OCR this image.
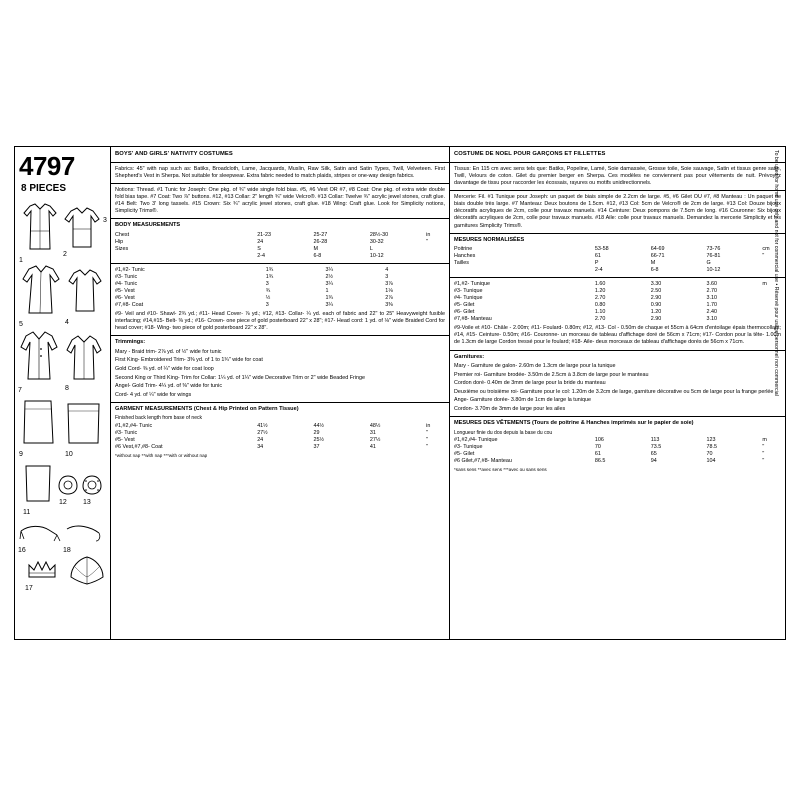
4797
8 PIECES
1
2
3
5	4
7	8
9	10
11
12 13
16	18
17
BOYS' AND GIRLS' NATIVITY COSTUMES

Fabrics: 45" with nap such as: Batiks, Broadcloth, Lame, Jacquards, Muslin, Raw Silk, Satin and Satin Types, Twill, Velveteen. First Shepherd's Vest in Sherpa. Not suitable for sleepwear. Extra fabric needed to match plaids, stripes or one-way design fabrics.

Notions: Thread. #1 Tunic for Joseph: One pkg. of ¾" wide single fold bias. #5, #6 Vest OR #7, #8 Coat: One pkg. of extra wide double fold bias tape. #7 Coat: Two ⅞" buttons. #12, #13 Collar: 2" length ¾" wide Velcro®. #13 Collar: Twelve ¾" acrylic jewel stones, craft glue. #14 Belt: Two 3' long tassels. #15 Crown: Six ¾" acrylic jewel stones, craft glue. #18 Wing: Craft glue. Look for Simplicity notions, Simplicity Trims®.

BODY MEASUREMENTS
Chest	21-23	25-27	28½-30	in
Hip	24	26-28	30-32	"
Sizes	S	M	L	
	2-4	6-8	10-12	
#1,#2- Tunic	1¾	3¼	4
#3- Tunic	1¾	2½	3
#4- Tunic	3	3¼	3⅞
#5- Vest	¾	1	1⅛
#6- Vest	½	1¾	2⅞
#7,#8- Coat	3	3¼	3⅜

#9- Veil and #10- Shawl- 2¾ yd.; #11- Head Cover- ⅞ yd.; #12, #13- Collar- ¼ yd. each of fabric and 22" to 25" Heavyweight fusible interfacing; #14,#15- Belt- ⅜ yd.; #16- Crown- one piece of gold posterboard 22" x 28"; #17- Head cord: 1 yd. of ⅛" wide Braided Cord for head cover; #18- Wing- two piece of gold posterboard 22" x 28".

Trimmings:

Mary - Braid trim- 2⅞ yd. of ½" wide for tunic

First King- Embroidered Trim- 3⅜ yd. of 1 to 1¾" wide for coat

Gold Cord- ⅜ yd. of ¼" wide for coat loop

Second King or Third King- Trim for Collar: 1¼ yd. of 1¼" wide Decorative Trim or 2" wide Beaded Fringe

Angel- Gold Trim- 4¼ yd. of ⅜" wide for tunic

Cord- 4 yd. of ¼" wide for wings

GARMENT MEASUREMENTS (Chest & Hip Printed on Pattern Tissue)
Finished back length from base of neck
#1,#2,#4- Tunic	41½	44½	48½	in
#3- Tunic	27½	29	31	"
#5- Vest	24	25½	27½	"
#6 Vest,#7,#8- Coat	34	37	41	"
*without nap **with nap ***with or without nap
COSTUME DE NOEL POUR GARÇONS ET FILLETTES

Tissus: En 115 cm avec sens tels que: Batiks, Popeline, Lamé, Soie damassée, Grosse toile, Soie sauvage, Satin et tissus genre satin, Twill, Velours de coton. Gilet du premier berger en Sherpa. Ces modèles ne conviennent pas pour vêtements de nuit. Prévoyez davantage de tissu pour raccorder les écossais, rayures ou motifs unidirectionnels.

Mercerie: Fil. #1 Tunique pour Joseph: un paquet de biais simple de 2.2cm de large. #5, #6 Gilet OU #7, #8 Manteau : Un paquet de biais double très large. #7 Manteau: Deux boutons de 1.5cm. #12, #13 Col: 5cm de Velcro® de 2cm de large. #13 Col: Douze bijoux décoratifs acryliques de 2cm, colle pour travaux manuels. #14 Ceinture: Deux pompons de 7.5cm de long. #16 Couronne: Six bijoux décoratifs acryliques de 2cm, colle pour travaux manuels. #18 Aile: colle pour travaux manuels. Demandez la mercerie Simplicity et les garnitures Simplicity Trims®.

MESURES NORMALISÉES
Poitrine	53-58	64-69	73-76	cm
Hanches	61	66-71	76-81	"
Tailles	P	M	G	
	2-4	6-8	10-12	
#1,#2- Tunique	1.60	3.30	3.60	m
#3- Tunique	1.20	2.50	2.70	
#4- Tunique	2.70	2.90	3.10	
#5- Gilet	0.80	0.90	1.70	
#6- Gilet	1.10	1.20	2.40	
#7,#8- Manteau	2.70	2.90	3.10	

#9-Voile et #10- Châle - 2.00m; #11- Foulard- 0.80m; #12, #13- Col - 0.50m de chaque et 55cm à 64cm d'entoilage épais thermocollant; #14, #15- Ceinture- 0.50m; #16- Couronne- un morceau de tableau d'affichage doré de 56cm x 71cm; #17- Cordon pour la tête- 1.00m de 1.3cm de large Cordon tressé pour le foulard; #18- Aile- deux morceaux de tableau d'affichage dorés de 56cm x 71cm.

Garnitures:

Mary - Garniture de galon- 2.60m de 1.3cm de large pour la tunique

Premier roi- Garniture brodée- 3.50m de 2.5cm à 3.8cm de large pour le manteau

Cordon doré- 0.40m de 3mm de large pour la bride du manteau

Deuxième ou troisième roi- Garniture pour le col: 1.20m de 3.2cm de large, garniture décorative ou 5cm de large pour la frange perlée

Ange- Garniture dorée- 3.80m de 1cm de large la tunique

Cordon- 3.70m de 3mm de large pour les ailes

MESURES DES VÊTEMENTS (Tours de poitrine & Hanches imprimés sur le papier de soie)
Longueur finie du dos depuis la base du cou
#1,#2,#4- Tunique	106	113	123	m
#3- Tunique	70	73.5	78.5	"
#5- Gilet	61	65	70	"
#6 Gilet,#7,#8- Manteau	86.5	94	104	"
*sans sens **avec sens ***avec ou sans sens
To be used for home use only and not for commercial use • Réservé pour usage personnel non commercial
